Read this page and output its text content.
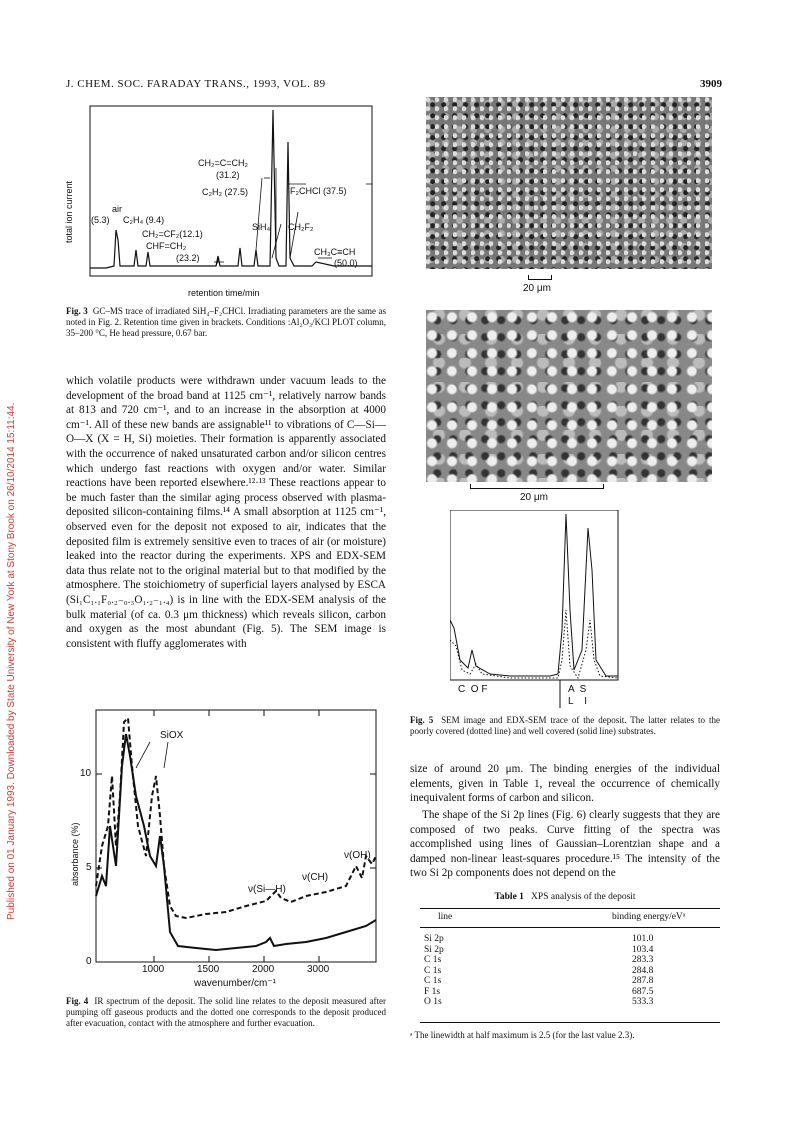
J. CHEM. SOC. FARADAY TRANS., 1993, VOL. 89	3909
Published on 01 January 1993. Downloaded by State University of New York at Stony Brook on 26/10/2014 15:11:44.
total ion current	air
(5.3) C₂H₄ (9.4)
CH₂=CF₂(12.1)
CHF=CH₂
(23.2)
CH₂=C=CH₂
(31.2)
C₂H₂ (27.5)	F₂CHCl (37.5)
SiH₄ CH₂F₂
CH₃C≡CH
(50.0)
retention time/min
Fig. 3 GC–MS trace of irradiated SiH₄–F₂CHCl. Irradiating parameters are the same as noted in Fig. 2. Retention time given in brackets. Conditions :Al₂O₃/KCl PLOT column, 35–200 °C, He head pressure, 0.67 bar.
which volatile products were withdrawn under vacuum leads to the development of the broad band at 1125 cm⁻¹, relatively narrow bands at 813 and 720 cm⁻¹, and to an increase in the absorption at 4000 cm⁻¹. All of these new bands are assignable¹¹ to vibrations of C—Si—O—X (X = H, Si) moieties. Their formation is apparently associated with the occurrence of naked unsaturated carbon and/or silicon centres which undergo fast reactions with oxygen and/or water. Similar reactions have been reported elsewhere.¹²·¹³ These reactions appear to be much faster than the similar aging process observed with plasma-deposited silicon-containing films.¹⁴ A small absorption at 1125 cm⁻¹, observed even for the deposit not exposed to air, indicates that the deposited film is extremely sensitive even to traces of air (or moisture) leaked into the reactor during the experiments. XPS and EDX-SEM data thus relate not to the original material but to that modified by the atmosphere. The stoichiometry of superficial layers analysed by ESCA (Si₁C₁.₁F₀.₂₋₀.₃O₁.₂₋₁.₄) is in line with the EDX-SEM analysis of the bulk material (of ca. 0.3 μm thickness) which reveals silicon, carbon and oxygen as the most abundant (Fig. 5). The SEM image is consistent with fluffy agglomerates with
SiOX
10
5
0
absorbance (%)
ν(Si—H)
ν(CH)
ν(OH)
1000	1500	2000	3000
wavenumber/cm⁻¹
Fig. 4 IR spectrum of the deposit. The solid line relates to the deposit measured after pumping off gaseous products and the dotted one corresponds to the deposit produced after evacuation, contact with the atmosphere and further evacuation.
20 μm
20 μm
C  O F	A  S
L    I
Fig. 5 SEM image and EDX-SEM trace of the deposit. The latter relates to the poorly covered (dotted line) and well covered (solid line) substrates.
size of around 20 μm. The binding energies of the individual elements, given in Table 1, reveal the occurrence of chemically inequivalent forms of carbon and silicon.
The shape of the Si 2p lines (Fig. 6) clearly suggests that they are composed of two peaks. Curve fitting of the spectra was accomplished using lines of Gaussian–Lorentzian shape and a damped non-linear least-squares procedure.¹⁵ The intensity of the two Si 2p components does not depend on the
Table 1 XPS analysis of the deposit
line	binding energy/eVᵃ
Si 2p	101.0
Si 2p	103.4
C 1s	283.3
C 1s	284.8
C 1s	287.8
F 1s	687.5
O 1s	533.3
ᵃ The linewidth at half maximum is 2.5 (for the last value 2.3).
